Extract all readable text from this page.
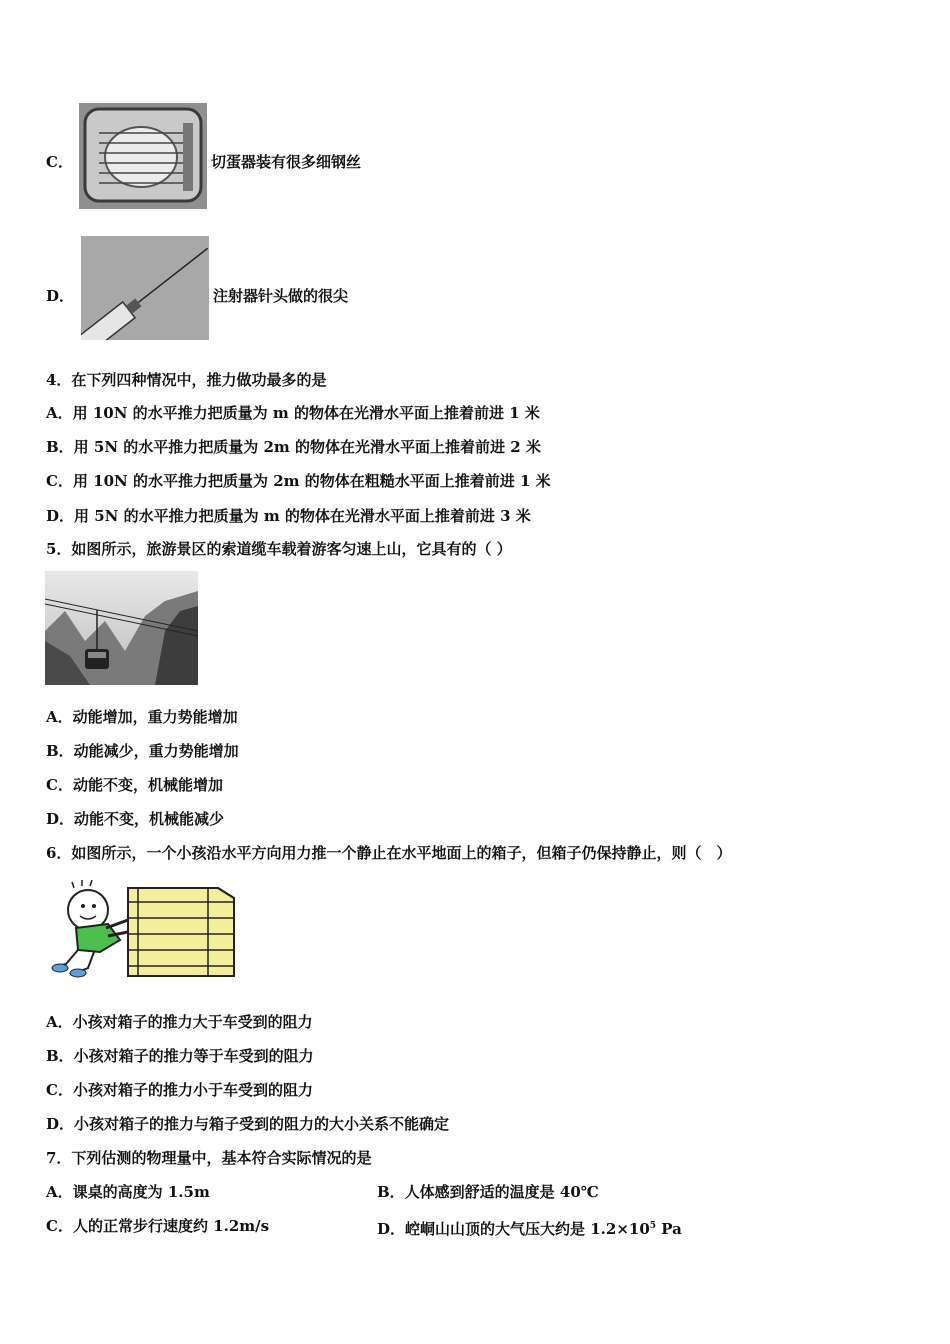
C．	切蛋器装有很多细钢丝
D．	注射器针头做的很尖
4．在下列四种情况中，推力做功最多的是
A．用 10N 的水平推力把质量为 m 的物体在光滑水平面上推着前进 1 米
B．用 5N 的水平推力把质量为 2m 的物体在光滑水平面上推着前进 2 米
C．用 10N 的水平推力把质量为 2m 的物体在粗糙水平面上推着前进 1 米
D．用 5N 的水平推力把质量为 m 的物体在光滑水平面上推着前进 3 米
5．如图所示，旅游景区的索道缆车载着游客匀速上山，它具有的（ ）
A．动能增加，重力势能增加
B．动能减少，重力势能增加
C．动能不变，机械能增加
D．动能不变，机械能减少
6．如图所示，一个小孩沿水平方向用力推一个静止在水平地面上的箱子，但箱子仍保持静止，则（　）
A．小孩对箱子的推力大于车受到的阻力
B．小孩对箱子的推力等于车受到的阻力
C．小孩对箱子的推力小于车受到的阻力
D．小孩对箱子的推力与箱子受到的阻力的大小关系不能确定
7．下列估测的物理量中，基本符合实际情况的是
A．课桌的高度为 1.5m	B．人体感到舒适的温度是 40℃
C．人的正常步行速度约 1.2m/s	D．崆峒山山顶的大气压大约是 $1.2\times 10^5$ Pa
